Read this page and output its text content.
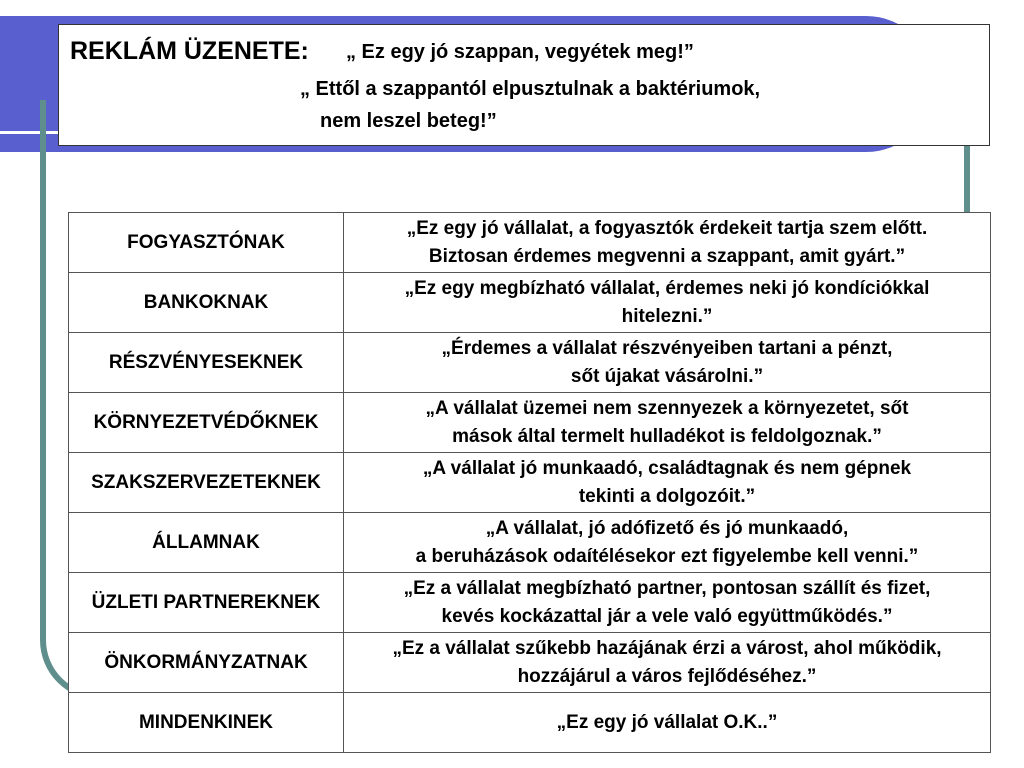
REKLÁM ÜZENETE: „ Ez egy jó szappan, vegyétek meg!”
„ Ettől a szappantól elpusztulnak a baktériumok,
nem leszel beteg!”
FOGYASZTÓNAK	„Ez egy jó vállalat, a fogyasztók érdekeit tartja szem előtt.
Biztosan érdemes megvenni a szappant, amit gyárt.”
BANKOKNAK	„Ez egy megbízható vállalat, érdemes neki jó kondíciókkal
hitelezni.”
RÉSZVÉNYESEKNEK	„Érdemes a vállalat részvényeiben tartani a pénzt,
sőt újakat vásárolni.”
KÖRNYEZETVÉDŐKNEK	„A vállalat üzemei nem szennyezek a környezetet, sőt
mások által termelt hulladékot is feldolgoznak.”
SZAKSZERVEZETEKNEK	„A vállalat jó munkaadó, családtagnak és nem gépnek
tekinti a dolgozóit.”
ÁLLAMNAK	„A vállalat, jó adófizető és jó munkaadó,
a beruházások odaítélésekor ezt figyelembe kell venni.”
ÜZLETI PARTNEREKNEK	„Ez a vállalat megbízható partner, pontosan szállít és fizet,
kevés kockázattal jár a vele való együttműködés.”
ÖNKORMÁNYZATNAK	„Ez a vállalat szűkebb hazájának érzi a várost, ahol működik,
hozzájárul a város fejlődéséhez.”
MINDENKINEK	„Ez egy jó vállalat O.K..”
